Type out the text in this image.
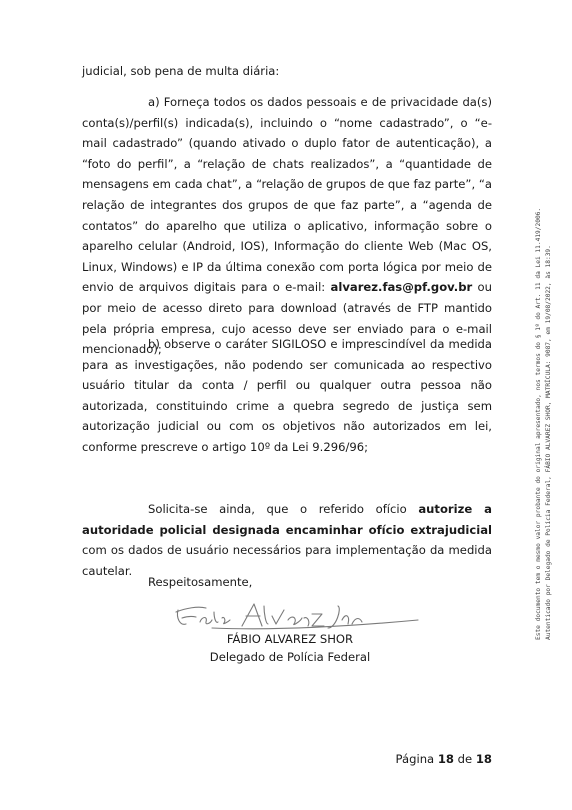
judicial, sob pena de multa diária:
a) Forneça todos os dados pessoais e de privacidade da(s) conta(s)/perfil(s) indicada(s), incluindo o “nome cadastrado”, o “e-mail cadastrado” (quando ativado o duplo fator de autenticação), a “foto do perfil”, a “relação de chats realizados”, a “quantidade de mensagens em cada chat”, a “relação de grupos de que faz parte”, “a relação de integrantes dos grupos de que faz parte”, a “agenda de contatos” do aparelho que utiliza o aplicativo, informação sobre o aparelho celular (Android, IOS), Informação do cliente Web (Mac OS, Linux, Windows) e IP da última conexão com porta lógica por meio de envio de arquivos digitais para o e-mail: alvarez.fas@pf.gov.br ou por meio de acesso direto para download (através de FTP mantido pela própria empresa, cujo acesso deve ser enviado para o e-mail mencionado);
b) observe o caráter SIGILOSO e imprescindível da medida para as investigações, não podendo ser comunicada ao respectivo usuário titular da conta / perfil ou qualquer outra pessoa não autorizada, constituindo crime a quebra segredo de justiça sem autorização judicial ou com os objetivos não autorizados em lei, conforme prescreve o artigo 10º da Lei 9.296/96;
Solicita-se ainda, que o referido ofício autorize a autoridade policial designada encaminhar ofício extrajudicial com os dados de usuário necessários para implementação da medida cautelar.
Respeitosamente,
FÁBIO ALVAREZ SHOR
Delegado de Polícia Federal
Este documento tem o mesmo valor probante do original apresentado, nos termos do § 1º do Art. 11 da Lei 11.419/2006. Autenticado por Delegado de Polícia Federal, FÁBIO ALVAREZ SHOR, MATRÍCULA: 9087, em 19/08/2022, às 18:39.
Página 18 de 18
